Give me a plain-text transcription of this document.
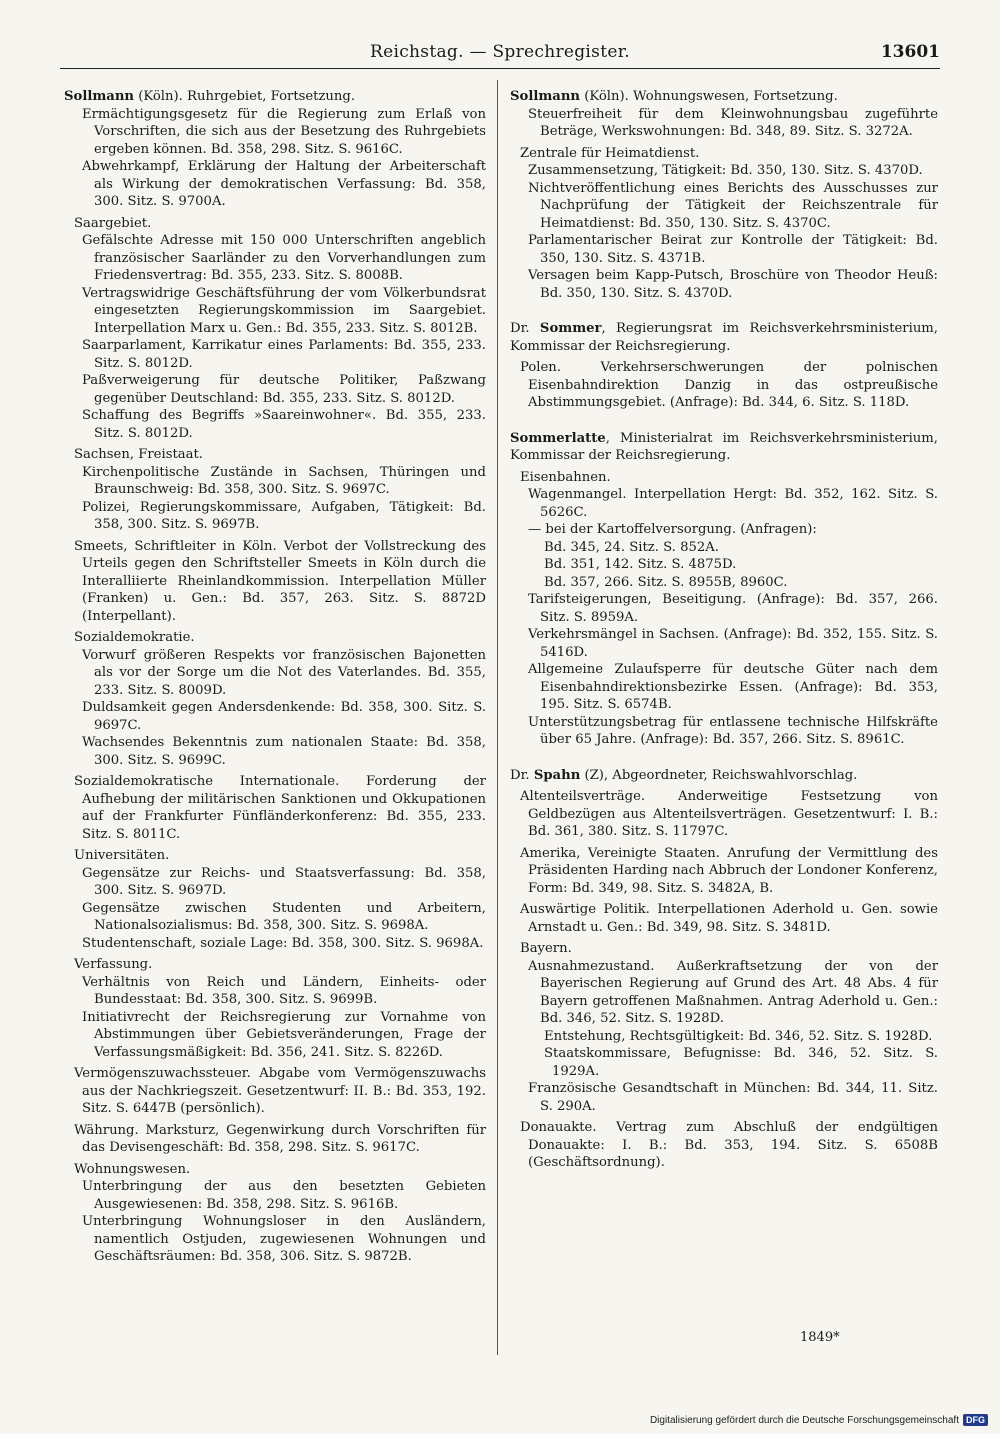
Reichstag. — Sprechregister.	13601
Sollmann (Köln). Ruhrgebiet, Fortsetzung.
Ermächtigungsgesetz für die Regierung zum Erlaß von Vorschriften, die sich aus der Besetzung des Ruhrgebiets ergeben können. Bd. 358, 298. Sitz. S. 9616C.
Abwehrkampf, Erklärung der Haltung der Arbeiterschaft als Wirkung der demokratischen Verfassung: Bd. 358, 300. Sitz. S. 9700A.
Saargebiet.
Gefälschte Adresse mit 150 000 Unterschriften angeblich französischer Saarländer zu den Vorverhandlungen zum Friedensvertrag: Bd. 355, 233. Sitz. S. 8008B.
Vertragswidrige Geschäftsführung der vom Völkerbundsrat eingesetzten Regierungskommission im Saargebiet. Interpellation Marx u. Gen.: Bd. 355, 233. Sitz. S. 8012B.
Saarparlament, Karrikatur eines Parlaments: Bd. 355, 233. Sitz. S. 8012D.
Paßverweigerung für deutsche Politiker, Paßzwang gegenüber Deutschland: Bd. 355, 233. Sitz. S. 8012D.
Schaffung des Begriffs »Saareinwohner«. Bd. 355, 233. Sitz. S. 8012D.
Sachsen, Freistaat.
Kirchenpolitische Zustände in Sachsen, Thüringen und Braunschweig: Bd. 358, 300. Sitz. S. 9697C.
Polizei, Regierungskommissare, Aufgaben, Tätigkeit: Bd. 358, 300. Sitz. S. 9697B.
Smeets, Schriftleiter in Köln. Verbot der Vollstreckung des Urteils gegen den Schriftsteller Smeets in Köln durch die Interalliierte Rheinlandkommission. Interpellation Müller (Franken) u. Gen.: Bd. 357, 263. Sitz. S. 8872D (Interpellant).
Sozialdemokratie.
Vorwurf größeren Respekts vor französischen Bajonetten als vor der Sorge um die Not des Vaterlandes. Bd. 355, 233. Sitz. S. 8009D.
Duldsamkeit gegen Andersdenkende: Bd. 358, 300. Sitz. S. 9697C.
Wachsendes Bekenntnis zum nationalen Staate: Bd. 358, 300. Sitz. S. 9699C.
Sozialdemokratische Internationale. Forderung der Aufhebung der militärischen Sanktionen und Okkupationen auf der Frankfurter Fünfländerkonferenz: Bd. 355, 233. Sitz. S. 8011C.
Universitäten.
Gegensätze zur Reichs- und Staatsverfassung: Bd. 358, 300. Sitz. S. 9697D.
Gegensätze zwischen Studenten und Arbeitern, Nationalsozialismus: Bd. 358, 300. Sitz. S. 9698A.
Studentenschaft, soziale Lage: Bd. 358, 300. Sitz. S. 9698A.
Verfassung.
Verhältnis von Reich und Ländern, Einheits- oder Bundesstaat: Bd. 358, 300. Sitz. S. 9699B.
Initiativrecht der Reichsregierung zur Vornahme von Abstimmungen über Gebietsveränderungen, Frage der Verfassungsmäßigkeit: Bd. 356, 241. Sitz. S. 8226D.
Vermögenszuwachssteuer. Abgabe vom Vermögenszuwachs aus der Nachkriegszeit. Gesetzentwurf: II. B.: Bd. 353, 192. Sitz. S. 6447B (persönlich).
Währung. Marksturz, Gegenwirkung durch Vorschriften für das Devisengeschäft: Bd. 358, 298. Sitz. S. 9617C.
Wohnungswesen.
Unterbringung der aus den besetzten Gebieten Ausgewiesenen: Bd. 358, 298. Sitz. S. 9616B.
Unterbringung Wohnungsloser in den Ausländern, namentlich Ostjuden, zugewiesenen Wohnungen und Geschäftsräumen: Bd. 358, 306. Sitz. S. 9872B.
Sollmann (Köln). Wohnungswesen, Fortsetzung.
Steuerfreiheit für dem Kleinwohnungsbau zugeführte Beträge, Werkswohnungen: Bd. 348, 89. Sitz. S. 3272A.
Zentrale für Heimatdienst.
Zusammensetzung, Tätigkeit: Bd. 350, 130. Sitz. S. 4370D.
Nichtveröffentlichung eines Berichts des Ausschusses zur Nachprüfung der Tätigkeit der Reichszentrale für Heimatdienst: Bd. 350, 130. Sitz. S. 4370C.
Parlamentarischer Beirat zur Kontrolle der Tätigkeit: Bd. 350, 130. Sitz. S. 4371B.
Versagen beim Kapp-Putsch, Broschüre von Theodor Heuß: Bd. 350, 130. Sitz. S. 4370D.
Dr. Sommer, Regierungsrat im Reichsverkehrsministerium, Kommissar der Reichsregierung.
Polen. Verkehrserschwerungen der polnischen Eisenbahndirektion Danzig in das ostpreußische Abstimmungsgebiet. (Anfrage): Bd. 344, 6. Sitz. S. 118D.
Sommerlatte, Ministerialrat im Reichsverkehrsministerium, Kommissar der Reichsregierung.
Eisenbahnen.
Wagenmangel. Interpellation Hergt: Bd. 352, 162. Sitz. S. 5626C.
— bei der Kartoffelversorgung. (Anfragen):
Bd. 345, 24. Sitz. S. 852A.
Bd. 351, 142. Sitz. S. 4875D.
Bd. 357, 266. Sitz. S. 8955B, 8960C.
Tarifsteigerungen, Beseitigung. (Anfrage): Bd. 357, 266. Sitz. S. 8959A.
Verkehrsmängel in Sachsen. (Anfrage): Bd. 352, 155. Sitz. S. 5416D.
Allgemeine Zulaufsperre für deutsche Güter nach dem Eisenbahndirektionsbezirke Essen. (Anfrage): Bd. 353, 195. Sitz. S. 6574B.
Unterstützungsbetrag für entlassene technische Hilfskräfte über 65 Jahre. (Anfrage): Bd. 357, 266. Sitz. S. 8961C.
Dr. Spahn (Z), Abgeordneter, Reichswahlvorschlag.
Altenteilsverträge. Anderweitige Festsetzung von Geldbezügen aus Altenteilsverträgen. Gesetzentwurf: I. B.: Bd. 361, 380. Sitz. S. 11797C.
Amerika, Vereinigte Staaten. Anrufung der Vermittlung des Präsidenten Harding nach Abbruch der Londoner Konferenz, Form: Bd. 349, 98. Sitz. S. 3482A, B.
Auswärtige Politik. Interpellationen Aderhold u. Gen. sowie Arnstadt u. Gen.: Bd. 349, 98. Sitz. S. 3481D.
Bayern.
Ausnahmezustand. Außerkraftsetzung der von der Bayerischen Regierung auf Grund des Art. 48 Abs. 4 für Bayern getroffenen Maßnahmen. Antrag Aderhold u. Gen.: Bd. 346, 52. Sitz. S. 1928D.
Entstehung, Rechtsgültigkeit: Bd. 346, 52. Sitz. S. 1928D.
Staatskommissare, Befugnisse: Bd. 346, 52. Sitz. S. 1929A.
Französische Gesandtschaft in München: Bd. 344, 11. Sitz. S. 290A.
Donauakte. Vertrag zum Abschluß der endgültigen Donauakte: I. B.: Bd. 353, 194. Sitz. S. 6508B (Geschäftsordnung).
1849*
Digitalisierung gefördert durch die Deutsche Forschungsgemeinschaft DFG
